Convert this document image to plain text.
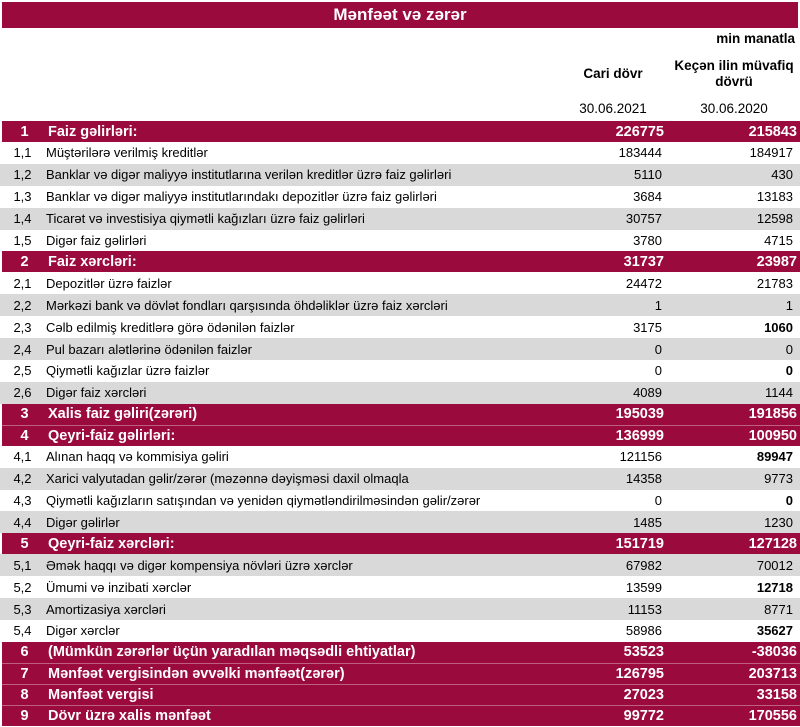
Mənfəət və zərər
min manatla
Cari dövr
Keçən ilin müvafiq dövrü
30.06.2021	30.06.2020
1	Faiz gəlirləri:	226775	215843
1,1	Müştərilərə verilmiş kreditlər	183444	184917
1,2	Banklar və digər maliyyə institutlarına verilən kreditlər üzrə faiz gəlirləri	5110	430
1,3	Banklar və digər maliyyə institutlarındakı depozitlər üzrə faiz gəlirləri	3684	13183
1,4	Ticarət və investisiya qiymətli kağızları üzrə faiz gəlirləri	30757	12598
1,5	Digər faiz gəlirləri	3780	4715
2	Faiz xərcləri:	31737	23987
2,1	Depozitlər üzrə faizlər	24472	21783
2,2	Mərkəzi bank və dövlət fondları qarşısında öhdəliklər üzrə faiz xərcləri	1	1
2,3	Cəlb edilmiş kreditlərə görə ödənilən faizlər	3175	1060
2,4	Pul bazarı alətlərinə ödənilən faizlər	0	0
2,5	Qiymətli kağızlar üzrə faizlər	0	0
2,6	Digər faiz xərcləri	4089	1144
3	Xalis faiz gəliri(zərəri)	195039	191856
4	Qeyri-faiz gəlirləri:	136999	100950
4,1	Alınan haqq və kommisiya gəliri	121156	89947
4,2	Xarici valyutadan gəlir/zərər (məzənnə dəyişməsi daxil olmaqla	14358	9773
4,3	Qiymətli kağızların satışından və yenidən qiymətləndirilməsindən gəlir/zərər	0	0
4,4	Digər gəlirlər	1485	1230
5	Qeyri-faiz xərcləri:	151719	127128
5,1	Əmək haqqı və digər kompensiya növləri üzrə xərclər	67982	70012
5,2	Ümumi və inzibati xərclər	13599	12718
5,3	Amortizasiya xərcləri	11153	8771
5,4	Digər xərclər	58986	35627
6	(Mümkün zərərlər üçün yaradılan məqsədli ehtiyatlar)	53523	-38036
7	Mənfəət vergisindən əvvəlki mənfəət(zərər)	126795	203713
8	Mənfəət vergisi	27023	33158
9	Dövr üzrə xalis mənfəət	99772	170556
